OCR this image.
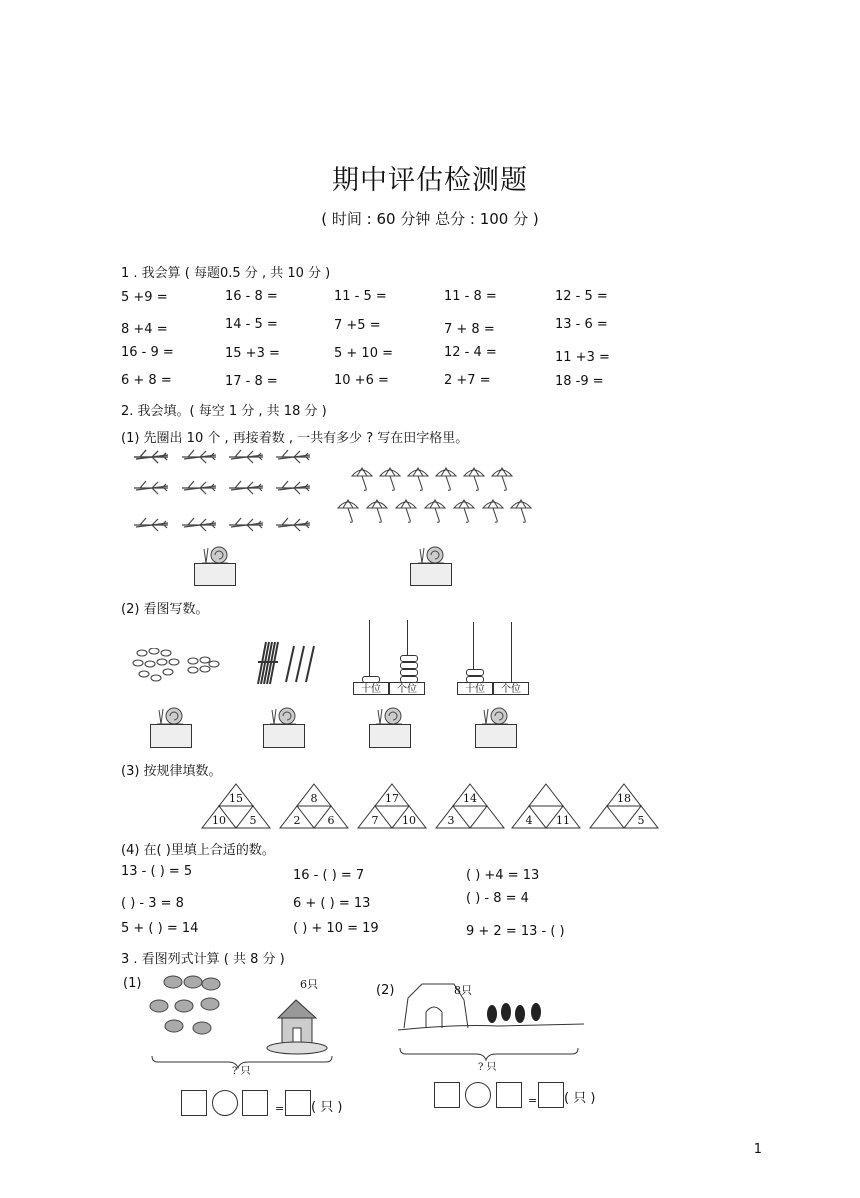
期中评估检测题
( 时间 : 60 分钟 总分 : 100 分 )
1 . 我会算 ( 每题0.5 分 , 共 10 分 )
5 +9 =	16 - 8 =	11 - 5 =	11 - 8 =	12 - 5 =
8 +4 =	14 - 5 =	7 +5 =	7 + 8 =	13 - 6 =
16 - 9 =	15 +3 =	5 + 10 =	12 - 4 =	11 +3 =
6 + 8 =	17 - 8 =	10 +6 =	2 +7 =	18 -9 =
2. 我会填。( 每空 1 分 , 共 18 分 )
(1) 先圈出 10 个 , 再接着数 , 一共有多少 ? 写在田字格里。
(2) 看图写数。
十位	个位	十位	个位
(3) 按规律填数。
15
10 5
8
2 6
17
7 10
14
3	4 11
18
5
(4) 在( )里填上合适的数。
13 - ( ) = 5	16 - ( ) = 7	( ) +4 = 13
( ) - 3 = 8	6 + ( ) = 13	( ) - 8 = 4
5 + ( ) = 14	( ) + 10 = 19	9 + 2 = 13 - ( )
3 . 看图列式计算 ( 共 8 分 )
(1)	6只
? 只
= ( 只 )
(2)	8只
? 只
= ( 只 )
1
